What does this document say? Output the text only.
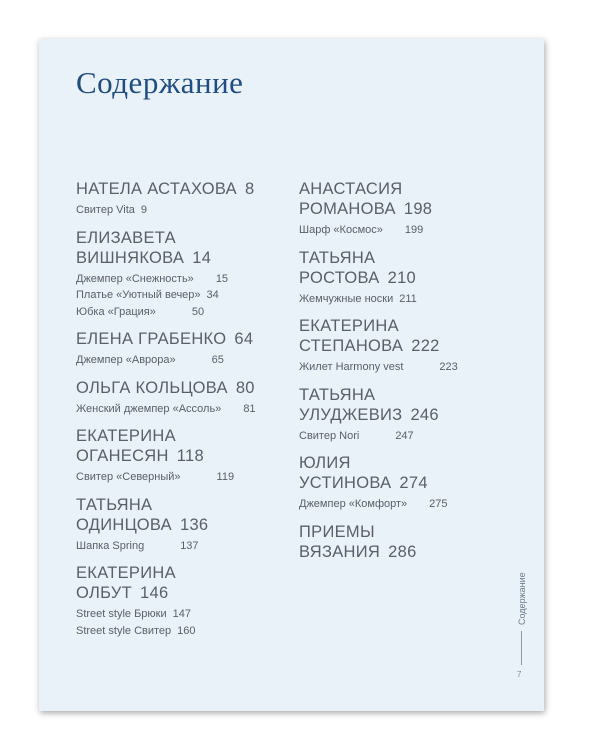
Содержание
НАТЕЛА АСТАХОВА 8
Свитер Vita 9
ЕЛИЗАВЕТА
ВИШНЯКОВА 14
Джемпер «Снежность» 15
Платье «Уютный вечер» 34
Юбка «Грация»	50
ЕЛЕНА ГРАБЕНКО 64
Джемпер «Аврора»	65
ОЛЬГА КОЛЬЦОВА 80
Женский джемпер «Ассоль» 81
ЕКАТЕРИНА
ОГАНЕСЯН 118
Свитер «Северный»	119
ТАТЬЯНА
ОДИНЦОВА 136
Шапка Spring	137
ЕКАТЕРИНА
ОЛБУТ 146
Street style Брюки 147
Street style Свитер 160
АНАСТАСИЯ
РОМАНОВА 198
Шарф «Космос» 199
ТАТЬЯНА
РОСТОВА 210
Жемчужные носки 211
ЕКАТЕРИНА
СТЕПАНОВА 222
Жилет Harmony vest	223
ТАТЬЯНА
УЛУДЖЕВИЗ 246
Свитер Nori	247
ЮЛИЯ
УСТИНОВА 274
Джемпер «Комфорт» 275
ПРИЕМЫ
ВЯЗАНИЯ 286
Содержание
7
